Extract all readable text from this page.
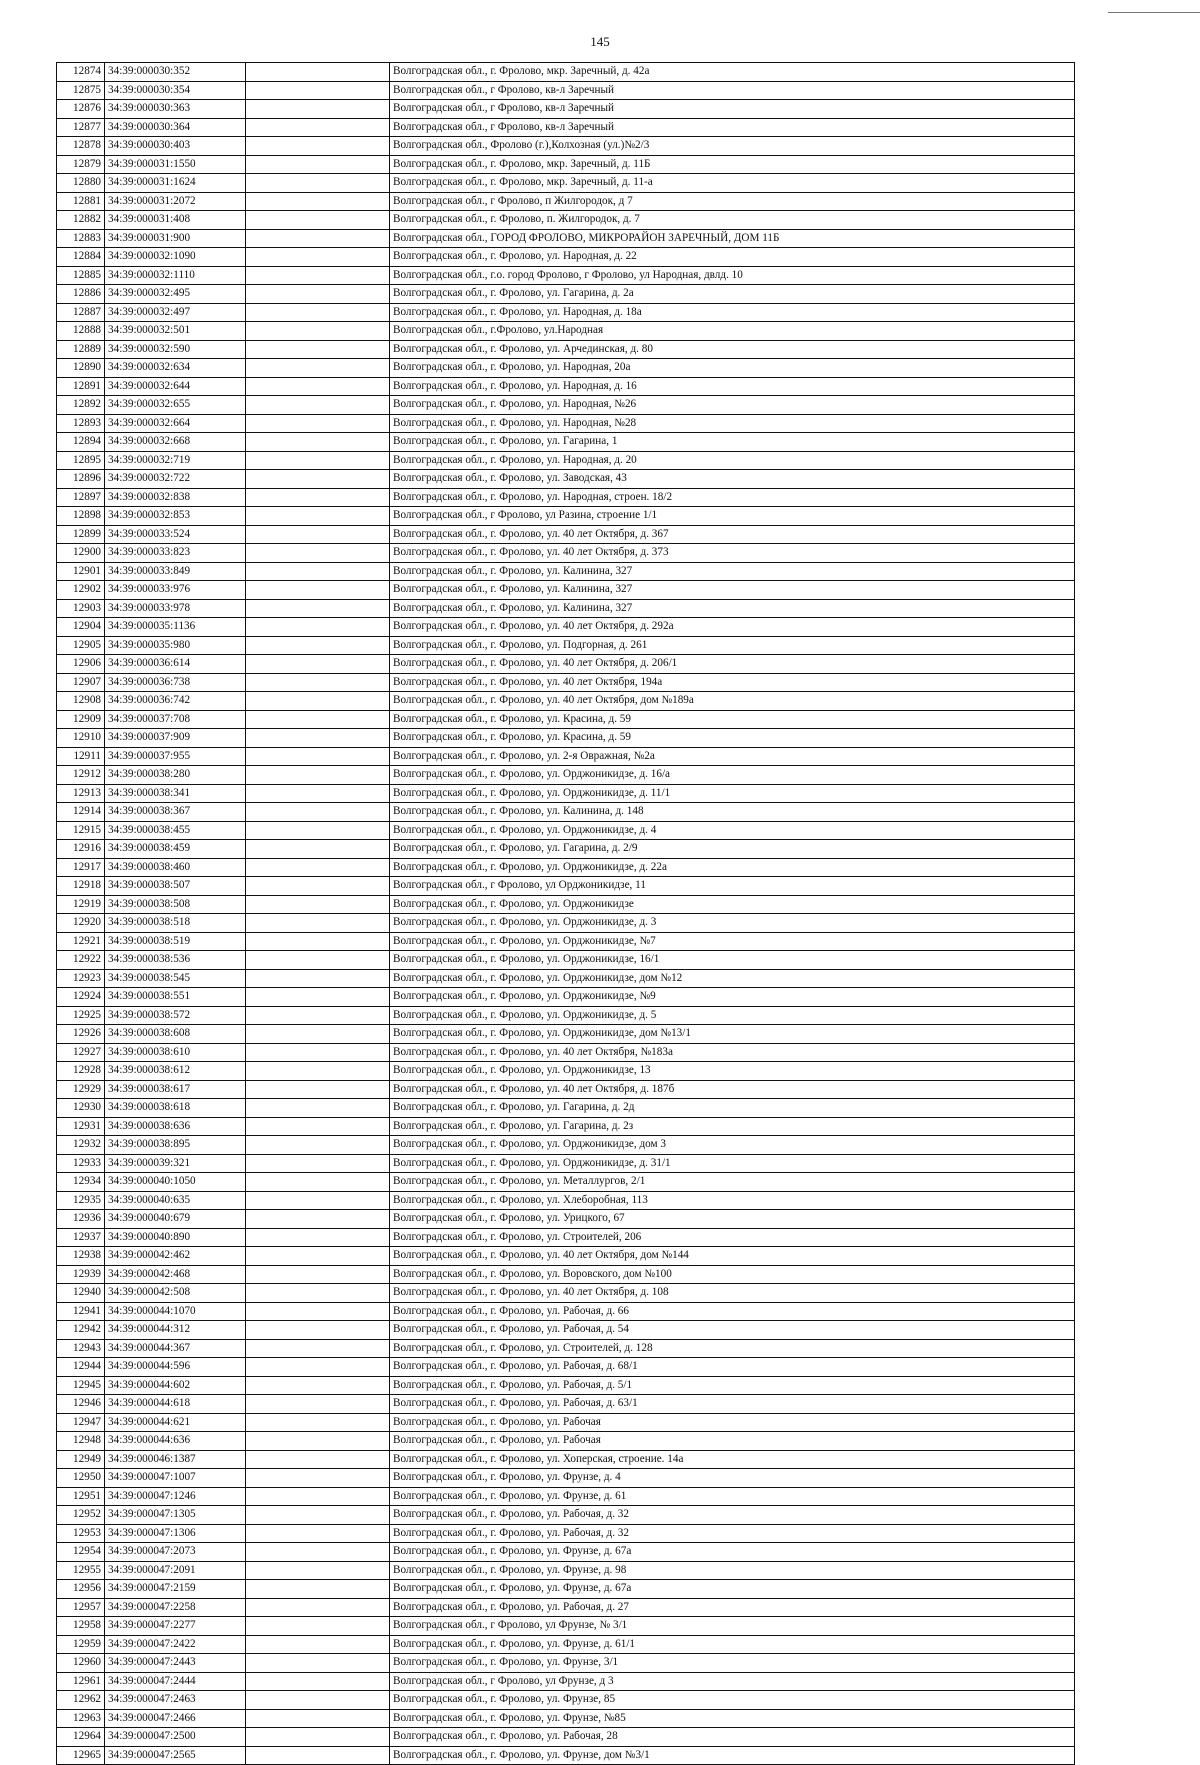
145
12874	34:39:000030:352		Волгоградская обл., г. Фролово, мкр. Заречный, д. 42а
12875	34:39:000030:354		Волгоградская обл., г Фролово, кв-л Заречный
12876	34:39:000030:363		Волгоградская обл., г Фролово, кв-л Заречный
12877	34:39:000030:364		Волгоградская обл., г Фролово, кв-л Заречный
12878	34:39:000030:403		Волгоградская обл., Фролово (г.),Колхозная (ул.)№2/3
12879	34:39:000031:1550		Волгоградская обл., г. Фролово, мкр. Заречный, д. 11Б
12880	34:39:000031:1624		Волгоградская обл., г. Фролово, мкр. Заречный, д. 11-а
12881	34:39:000031:2072		Волгоградская обл., г Фролово, п Жилгородок, д 7
12882	34:39:000031:408		Волгоградская обл., г. Фролово, п. Жилгородок, д. 7
12883	34:39:000031:900		Волгоградская обл., ГОРОД ФРОЛОВО, МИКРОРАЙОН ЗАРЕЧНЫЙ, ДОМ 11Б
12884	34:39:000032:1090		Волгоградская обл., г. Фролово, ул. Народная, д. 22
12885	34:39:000032:1110		Волгоградская обл., г.о. город Фролово, г Фролово, ул Народная, двлд. 10
12886	34:39:000032:495		Волгоградская обл., г. Фролово, ул. Гагарина, д. 2а
12887	34:39:000032:497		Волгоградская обл., г. Фролово, ул. Народная, д. 18а
12888	34:39:000032:501		Волгоградская обл., г.Фролово, ул.Народная
12889	34:39:000032:590		Волгоградская обл., г. Фролово, ул. Арчединская, д. 80
12890	34:39:000032:634		Волгоградская обл., г. Фролово, ул. Народная, 20а
12891	34:39:000032:644		Волгоградская обл., г. Фролово, ул. Народная, д. 16
12892	34:39:000032:655		Волгоградская обл., г. Фролово, ул. Народная, №26
12893	34:39:000032:664		Волгоградская обл., г. Фролово, ул. Народная, №28
12894	34:39:000032:668		Волгоградская обл., г. Фролово, ул. Гагарина, 1
12895	34:39:000032:719		Волгоградская обл., г. Фролово, ул. Народная, д. 20
12896	34:39:000032:722		Волгоградская обл., г. Фролово, ул. Заводская, 43
12897	34:39:000032:838		Волгоградская обл., г. Фролово, ул. Народная, строен. 18/2
12898	34:39:000032:853		Волгоградская обл., г Фролово, ул Разина, строение 1/1
12899	34:39:000033:524		Волгоградская обл., г. Фролово, ул. 40 лет Октября, д. 367
12900	34:39:000033:823		Волгоградская обл., г. Фролово, ул. 40 лет Октября, д. 373
12901	34:39:000033:849		Волгоградская обл., г. Фролово, ул. Калинина, 327
12902	34:39:000033:976		Волгоградская обл., г. Фролово, ул. Калинина, 327
12903	34:39:000033:978		Волгоградская обл., г. Фролово, ул. Калинина, 327
12904	34:39:000035:1136		Волгоградская обл., г. Фролово, ул. 40 лет Октября, д. 292а
12905	34:39:000035:980		Волгоградская обл., г. Фролово, ул. Подгорная, д. 261
12906	34:39:000036:614		Волгоградская обл., г. Фролово, ул. 40 лет Октября, д. 206/1
12907	34:39:000036:738		Волгоградская обл., г. Фролово, ул. 40 лет Октября, 194а
12908	34:39:000036:742		Волгоградская обл., г. Фролово, ул. 40 лет Октября, дом №189а
12909	34:39:000037:708		Волгоградская обл., г. Фролово, ул. Красина, д. 59
12910	34:39:000037:909		Волгоградская обл., г. Фролово, ул. Красина, д. 59
12911	34:39:000037:955		Волгоградская обл., г. Фролово, ул. 2-я Овражная, №2а
12912	34:39:000038:280		Волгоградская обл., г. Фролово, ул. Орджоникидзе, д. 16/а
12913	34:39:000038:341		Волгоградская обл., г. Фролово, ул. Орджоникидзе, д. 11/1
12914	34:39:000038:367		Волгоградская обл., г. Фролово, ул. Калинина, д. 148
12915	34:39:000038:455		Волгоградская обл., г. Фролово, ул. Орджоникидзе, д. 4
12916	34:39:000038:459		Волгоградская обл., г. Фролово, ул. Гагарина, д. 2/9
12917	34:39:000038:460		Волгоградская обл., г. Фролово, ул. Орджоникидзе, д. 22а
12918	34:39:000038:507		Волгоградская обл., г Фролово, ул Орджоникидзе, 11
12919	34:39:000038:508		Волгоградская обл., г. Фролово, ул. Орджоникидзе
12920	34:39:000038:518		Волгоградская обл., г. Фролово, ул. Орджоникидзе, д. 3
12921	34:39:000038:519		Волгоградская обл., г. Фролово, ул. Орджоникидзе, №7
12922	34:39:000038:536		Волгоградская обл., г. Фролово, ул. Орджоникидзе, 16/1
12923	34:39:000038:545		Волгоградская обл., г. Фролово, ул. Орджоникидзе, дом №12
12924	34:39:000038:551		Волгоградская обл., г. Фролово, ул. Орджоникидзе, №9
12925	34:39:000038:572		Волгоградская обл., г. Фролово, ул. Орджоникидзе, д. 5
12926	34:39:000038:608		Волгоградская обл., г. Фролово, ул. Орджоникидзе, дом №13/1
12927	34:39:000038:610		Волгоградская обл., г. Фролово, ул. 40 лет Октября, №183а
12928	34:39:000038:612		Волгоградская обл., г. Фролово, ул. Орджоникидзе, 13
12929	34:39:000038:617		Волгоградская обл., г. Фролово, ул. 40 лет Октября, д. 187б
12930	34:39:000038:618		Волгоградская обл., г. Фролово, ул. Гагарина, д. 2д
12931	34:39:000038:636		Волгоградская обл., г. Фролово, ул. Гагарина, д. 2з
12932	34:39:000038:895		Волгоградская обл., г. Фролово, ул. Орджоникидзе, дом 3
12933	34:39:000039:321		Волгоградская обл., г. Фролово, ул. Орджоникидзе, д. 31/1
12934	34:39:000040:1050		Волгоградская обл., г. Фролово, ул. Металлургов, 2/1
12935	34:39:000040:635		Волгоградская обл., г. Фролово, ул. Хлеборобная, 113
12936	34:39:000040:679		Волгоградская обл., г. Фролово, ул. Урицкого, 67
12937	34:39:000040:890		Волгоградская обл., г. Фролово, ул. Строителей, 206
12938	34:39:000042:462		Волгоградская обл., г. Фролово, ул. 40 лет Октября, дом №144
12939	34:39:000042:468		Волгоградская обл., г. Фролово, ул. Воровского, дом №100
12940	34:39:000042:508		Волгоградская обл., г. Фролово, ул. 40 лет Октября, д. 108
12941	34:39:000044:1070		Волгоградская обл., г. Фролово, ул. Рабочая, д. 66
12942	34:39:000044:312		Волгоградская обл., г. Фролово, ул. Рабочая, д. 54
12943	34:39:000044:367		Волгоградская обл., г. Фролово, ул. Строителей, д. 128
12944	34:39:000044:596		Волгоградская обл., г. Фролово, ул. Рабочая, д. 68/1
12945	34:39:000044:602		Волгоградская обл., г. Фролово, ул. Рабочая, д. 5/1
12946	34:39:000044:618		Волгоградская обл., г. Фролово, ул. Рабочая, д. 63/1
12947	34:39:000044:621		Волгоградская обл., г. Фролово, ул. Рабочая
12948	34:39:000044:636		Волгоградская обл., г. Фролово, ул. Рабочая
12949	34:39:000046:1387		Волгоградская обл., г. Фролово, ул. Хоперская, строение. 14а
12950	34:39:000047:1007		Волгоградская обл., г. Фролово, ул. Фрунзе, д. 4
12951	34:39:000047:1246		Волгоградская обл., г. Фролово, ул. Фрунзе, д. 61
12952	34:39:000047:1305		Волгоградская обл., г. Фролово, ул. Рабочая, д. 32
12953	34:39:000047:1306		Волгоградская обл., г. Фролово, ул. Рабочая, д. 32
12954	34:39:000047:2073		Волгоградская обл., г. Фролово, ул. Фрунзе, д. 67а
12955	34:39:000047:2091		Волгоградская обл., г. Фролово, ул. Фрунзе, д. 98
12956	34:39:000047:2159		Волгоградская обл., г. Фролово, ул. Фрунзе, д. 67а
12957	34:39:000047:2258		Волгоградская обл., г. Фролово, ул. Рабочая, д. 27
12958	34:39:000047:2277		Волгоградская обл., г Фролово, ул Фрунзе, № 3/1
12959	34:39:000047:2422		Волгоградская обл., г. Фролово, ул. Фрунзе, д. 61/1
12960	34:39:000047:2443		Волгоградская обл., г. Фролово, ул. Фрунзе, 3/1
12961	34:39:000047:2444		Волгоградская обл., г Фролово, ул Фрунзе, д 3
12962	34:39:000047:2463		Волгоградская обл., г. Фролово, ул. Фрунзе, 85
12963	34:39:000047:2466		Волгоградская обл., г. Фролово, ул. Фрунзе, №85
12964	34:39:000047:2500		Волгоградская обл., г. Фролово, ул. Рабочая, 28
12965	34:39:000047:2565		Волгоградская обл., г. Фролово, ул. Фрунзе, дом №3/1
